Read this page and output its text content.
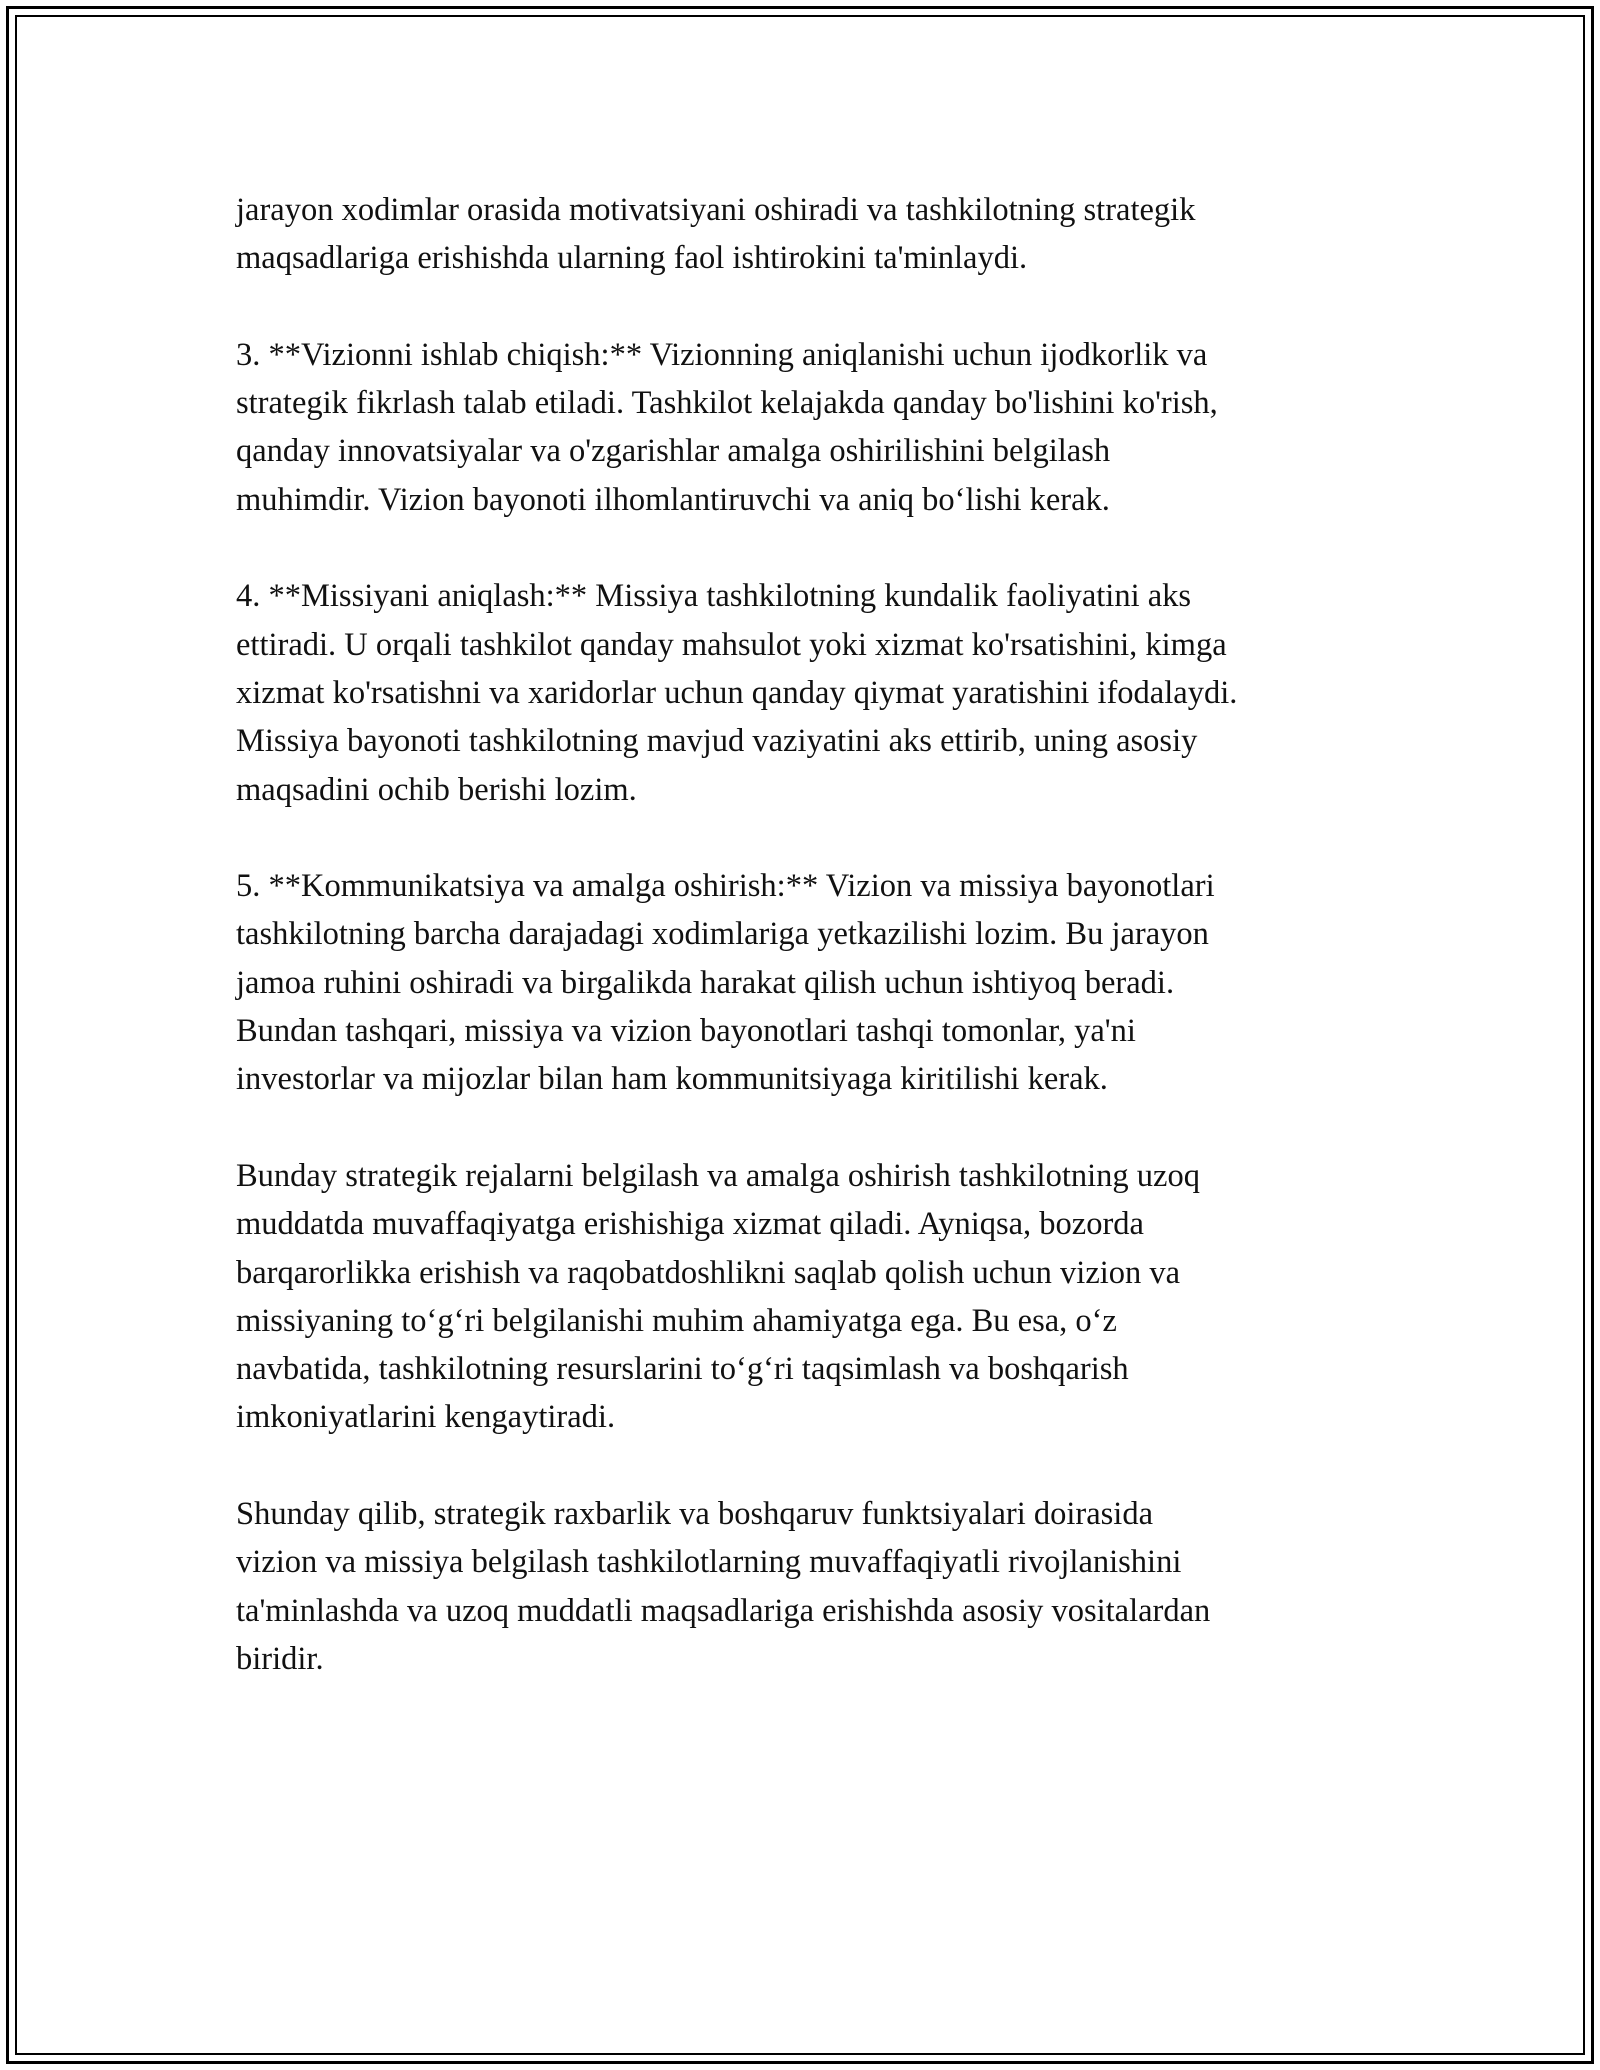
jarayon xodimlar orasida motivatsiyani oshiradi va tashkilotning strategik
maqsadlariga erishishda ularning faol ishtirokini ta'minlaydi.

3. **Vizionni ishlab chiqish:** Vizionning aniqlanishi uchun ijodkorlik va
strategik fikrlash talab etiladi. Tashkilot kelajakda qanday bo'lishini ko'rish,
qanday innovatsiyalar va o'zgarishlar amalga oshirilishini belgilash
muhimdir. Vizion bayonoti ilhomlantiruvchi va aniq bo‘lishi kerak.

4. **Missiyani aniqlash:** Missiya tashkilotning kundalik faoliyatini aks
ettiradi. U orqali tashkilot qanday mahsulot yoki xizmat ko'rsatishini, kimga
xizmat ko'rsatishni va xaridorlar uchun qanday qiymat yaratishini ifodalaydi.
Missiya bayonoti tashkilotning mavjud vaziyatini aks ettirib, uning asosiy
maqsadini ochib berishi lozim.

5. **Kommunikatsiya va amalga oshirish:** Vizion va missiya bayonotlari
tashkilotning barcha darajadagi xodimlariga yetkazilishi lozim. Bu jarayon
jamoa ruhini oshiradi va birgalikda harakat qilish uchun ishtiyoq beradi.
Bundan tashqari, missiya va vizion bayonotlari tashqi tomonlar, ya'ni
investorlar va mijozlar bilan ham kommunitsiyaga kiritilishi kerak.

Bunday strategik rejalarni belgilash va amalga oshirish tashkilotning uzoq
muddatda muvaffaqiyatga erishishiga xizmat qiladi. Ayniqsa, bozorda
barqarorlikka erishish va raqobatdoshlikni saqlab qolish uchun vizion va
missiyaning to‘g‘ri belgilanishi muhim ahamiyatga ega. Bu esa, o‘z
navbatida, tashkilotning resurslarini to‘g‘ri taqsimlash va boshqarish
imkoniyatlarini kengaytiradi.

Shunday qilib, strategik raxbarlik va boshqaruv funktsiyalari doirasida
vizion va missiya belgilash tashkilotlarning muvaffaqiyatli rivojlanishini
ta'minlashda va uzoq muddatli maqsadlariga erishishda asosiy vositalardan
biridir.
